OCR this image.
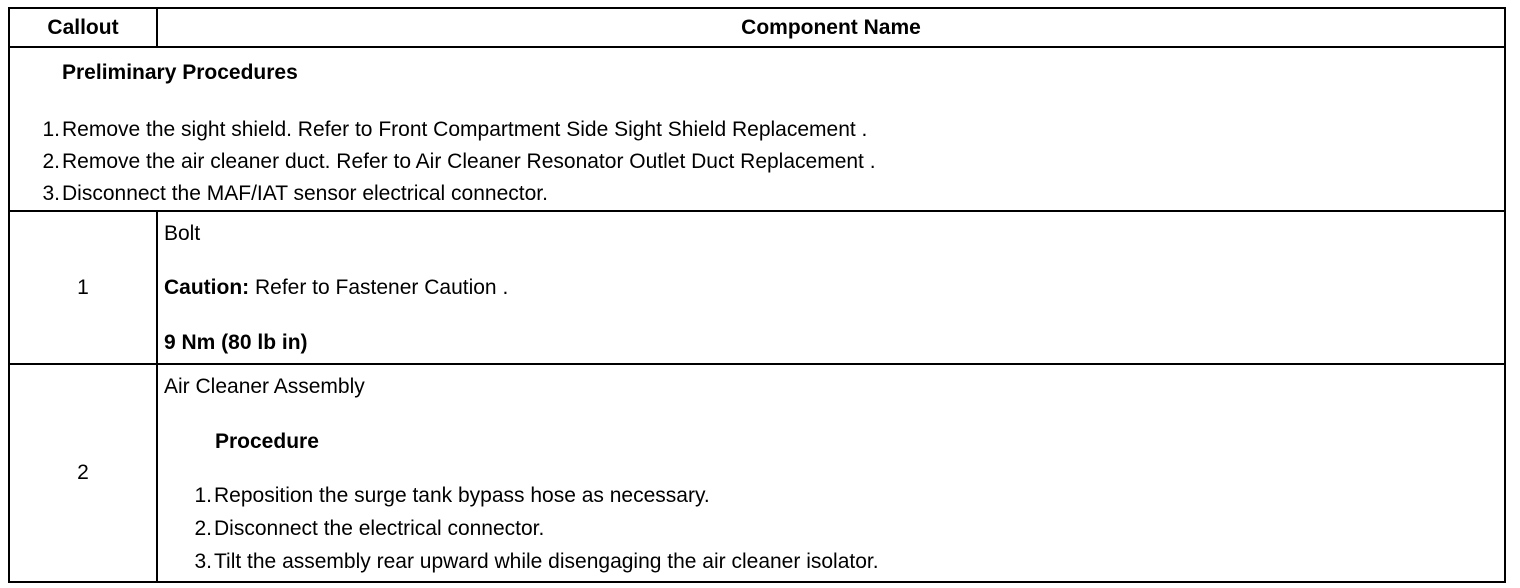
Callout	Component Name
Preliminary Procedures
1.Remove the sight shield. Refer to Front Compartment Side Sight Shield Replacement .
2.Remove the air cleaner duct. Refer to Air Cleaner Resonator Outlet Duct Replacement .
3.Disconnect the MAF/IAT sensor electrical connector.
1
Bolt
Caution: Refer to Fastener Caution .
9 Nm (80 lb in)
2
Air Cleaner Assembly
Procedure
1.Reposition the surge tank bypass hose as necessary.
2.Disconnect the electrical connector.
3.Tilt the assembly rear upward while disengaging the air cleaner isolator.
